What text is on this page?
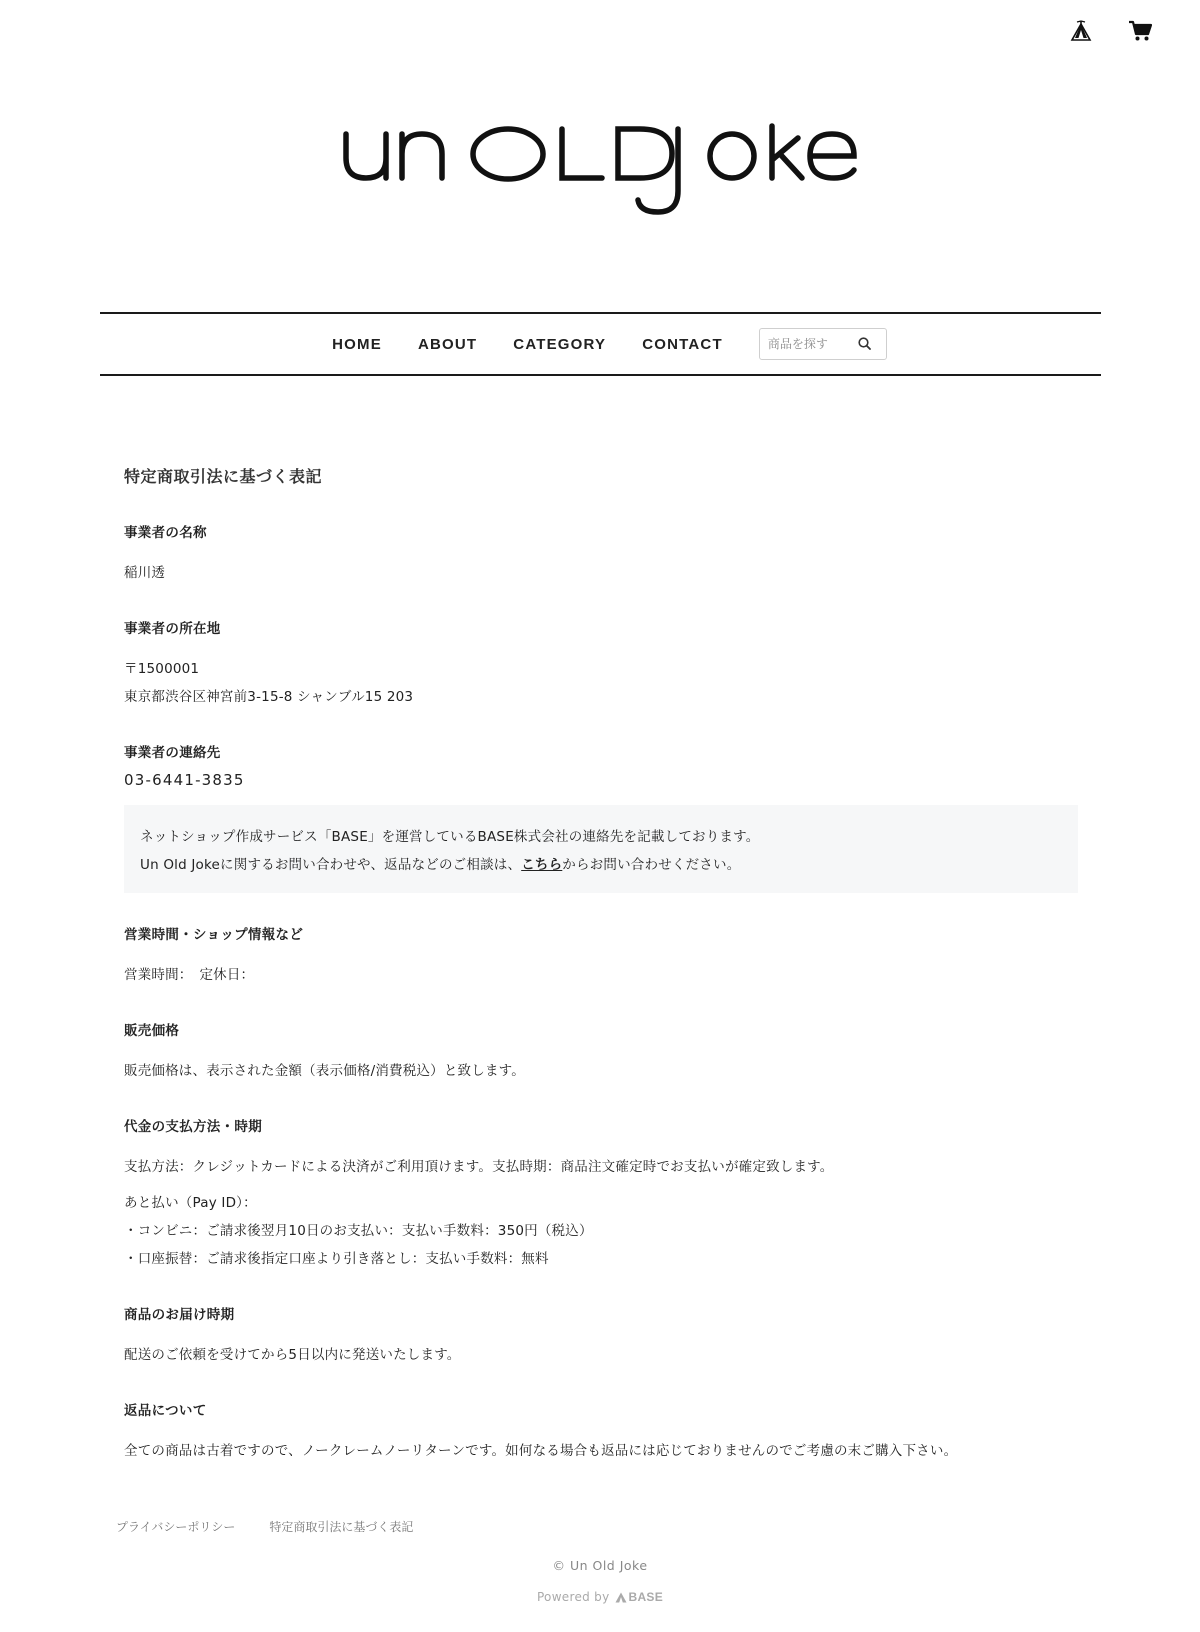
HOME ABOUT CATEGORY CONTACT
商品を探す
特定商取引法に基づく表記
事業者の名称

稲川透

事業者の所在地

〒1500001

東京都渋谷区神宮前3-15-8 シャンブル15 203

事業者の連絡先

03-6441-3835

ネットショップ作成サービス「BASE」を運営しているBASE株式会社の連絡先を記載しております。

Un Old Jokeに関するお問い合わせや、返品などのご相談は、こちらからお問い合わせください。

営業時間・ショップ情報など

営業時間：　定休日：

販売価格

販売価格は、表示された金額（表示価格/消費税込）と致します。

代金の支払方法・時期

支払方法：クレジットカードによる決済がご利用頂けます。支払時期：商品注文確定時でお支払いが確定致します。

あと払い（Pay ID）：

・コンビニ：ご請求後翌月10日のお支払い：支払い手数料：350円（税込）

・口座振替：ご請求後指定口座より引き落とし：支払い手数料：無料

商品のお届け時期

配送のご依頼を受けてから5日以内に発送いたします。

返品について

全ての商品は古着ですので、ノークレームノーリターンです。如何なる場合も返品には応じておりませんのでご考慮の末ご購入下さい。

プライバシーポリシー	特定商取引法に基づく表記
© Un Old Joke
Powered by BASE
